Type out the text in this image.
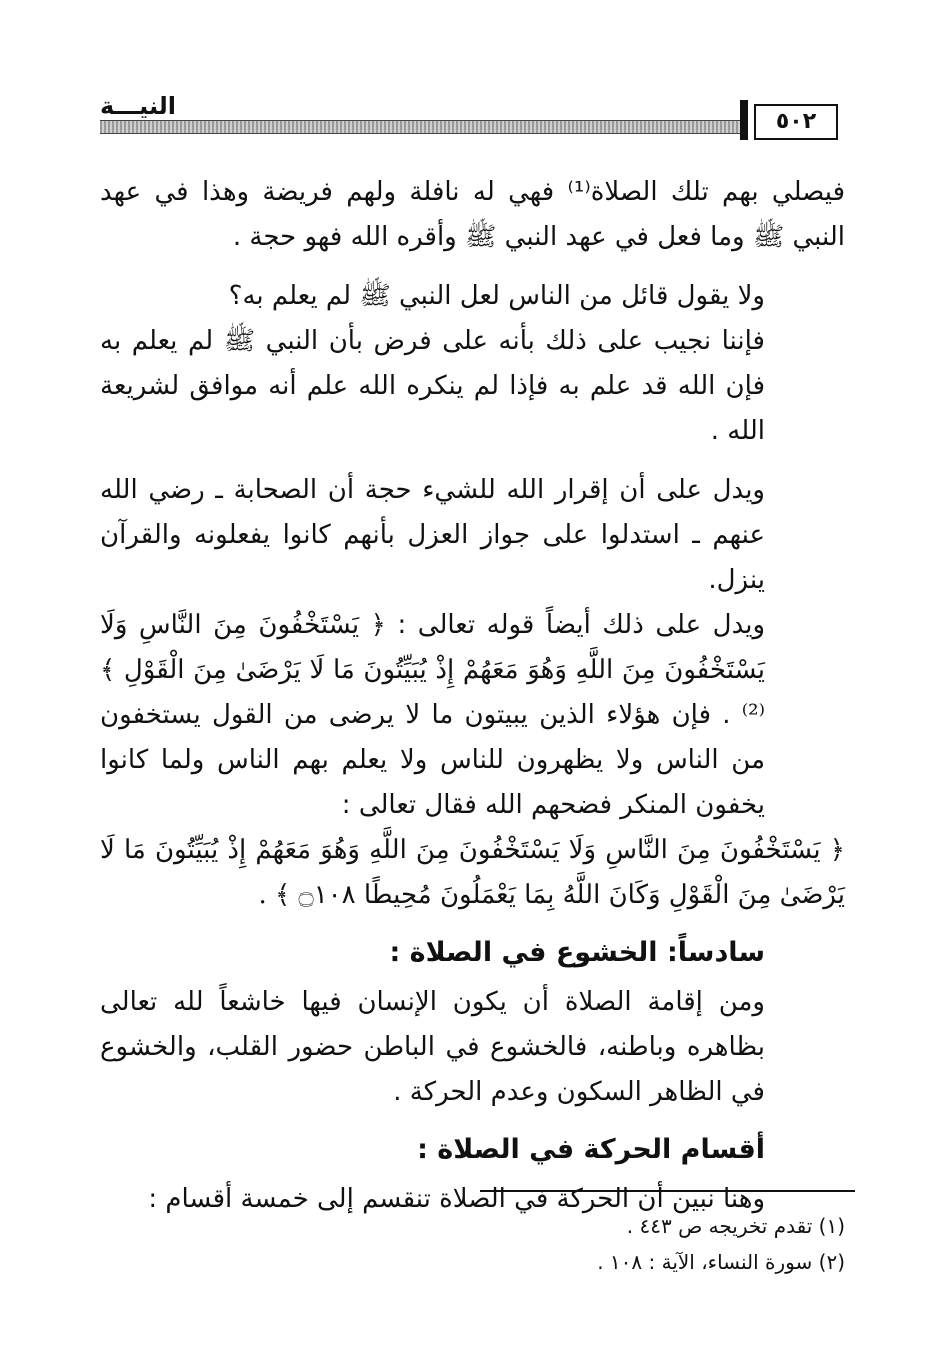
النيـــة
٥٠٢

فيصلي بهم تلك الصلاة⁽¹⁾ فهي له نافلة ولهم فريضة وهذا في عهد النبي ﷺ وما فعل في عهد النبي ﷺ وأقره الله فهو حجة .

ولا يقول قائل من الناس لعل النبي ﷺ لم يعلم به؟

فإننا نجيب على ذلك بأنه على فرض بأن النبي ﷺ لم يعلم به فإن الله قد علم به فإذا لم ينكره الله علم أنه موافق لشريعة الله .

ويدل على أن إقرار الله للشيء حجة أن الصحابة ـ رضي الله عنهم ـ استدلوا على جواز العزل بأنهم كانوا يفعلونه والقرآن ينزل.

ويدل على ذلك أيضاً قوله تعالى : ﴿ يَسْتَخْفُونَ مِنَ النَّاسِ وَلَا يَسْتَخْفُونَ مِنَ اللَّهِ وَهُوَ مَعَهُمْ إِذْ يُبَيِّتُونَ مَا لَا يَرْضَىٰ مِنَ الْقَوْلِ ﴾⁽²⁾ . فإن هؤلاء الذين يبيتون ما لا يرضى من القول يستخفون من الناس ولا يظهرون للناس ولا يعلم بهم الناس ولما كانوا يخفون المنكر فضحهم الله فقال تعالى :

﴿ يَسْتَخْفُونَ مِنَ النَّاسِ وَلَا يَسْتَخْفُونَ مِنَ اللَّهِ وَهُوَ مَعَهُمْ إِذْ يُبَيِّتُونَ مَا لَا يَرْضَىٰ مِنَ الْقَوْلِ وَكَانَ اللَّهُ بِمَا يَعْمَلُونَ مُحِيطًا ۝١٠٨ ﴾ .

سادساً: الخشوع في الصلاة :

ومن إقامة الصلاة أن يكون الإنسان فيها خاشعاً لله تعالى بظاهره وباطنه، فالخشوع في الباطن حضور القلب، والخشوع في الظاهر السكون وعدم الحركة .

أقسام الحركة في الصلاة :

وهنا نبين أن الحركة في الصلاة تنقسم إلى خمسة أقسام :

(١) تقدم تخريجه ص ٤٤٣ .

(٢) سورة النساء، الآية : ١٠٨ .
